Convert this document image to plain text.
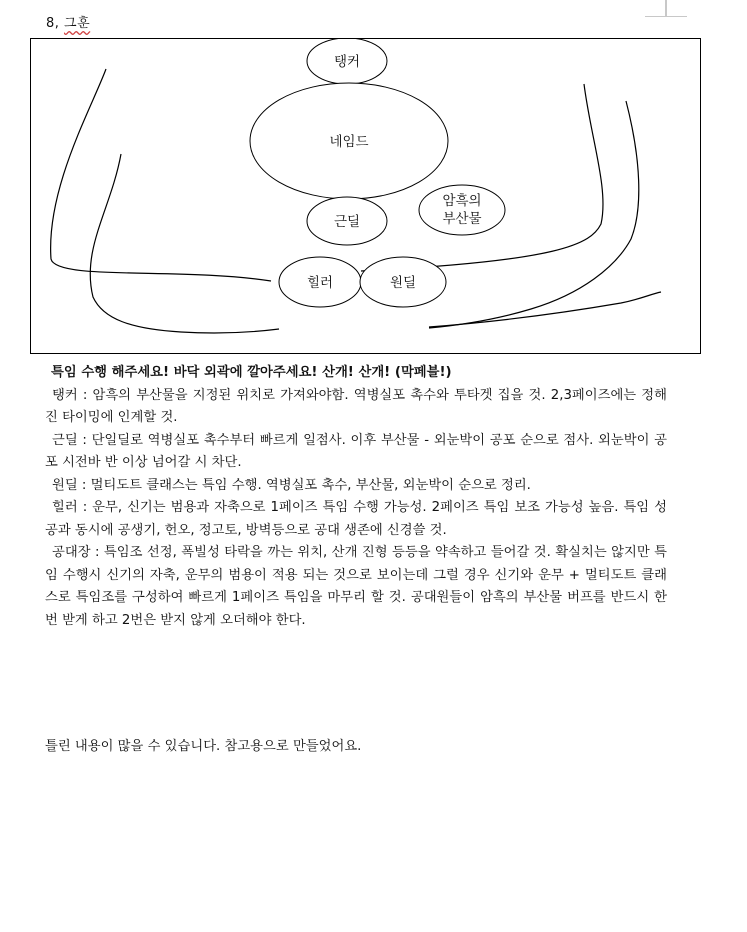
8, 그훈
탱커
네임드
근딜
암흑의
부산물
힐러	원딜

특임 수행 해주세요! 바닥 외곽에 깔아주세요! 산개! 산개! (막페블!)

탱커 : 암흑의 부산물을 지정된 위치로 가져와야함. 역병실포 촉수와 투타겟 집을 것. 2,3페이즈에는 정해진 타이밍에 인계할 것.

근딜 : 단일딜로 역병실포 촉수부터 빠르게 일점사. 이후 부산물 - 외눈박이 공포 순으로 점사. 외눈박이 공포 시전바 반 이상 넘어갈 시 차단.

원딜 : 멀티도트 클래스는 특임 수행. 역병실포 촉수, 부산물, 외눈박이 순으로 정리.

힐러 : 운무, 신기는 범용과 자축으로 1페이즈 특임 수행 가능성. 2페이즈 특임 보조 가능성 높음. 특임 성공과 동시에 공생기, 헌오, 정고토, 방벽등으로 공대 생존에 신경쓸 것.

공대장 : 특임조 선정, 폭빌성 타락을 까는 위치, 산개 진형 등등을 약속하고 들어갈 것. 확실치는 않지만 특임 수행시 신기의 자축, 운무의 범용이 적용 되는 것으로 보이는데 그럴 경우 신기와 운무 + 멀티도트 클래스로 특임조를 구성하여 빠르게 1페이즈 특임을 마무리 할 것. 공대원들이 암흑의 부산물 버프를 반드시 한 번 받게 하고 2번은 받지 않게 오더해야 한다.

틀린 내용이 많을 수 있습니다. 참고용으로 만들었어요.
